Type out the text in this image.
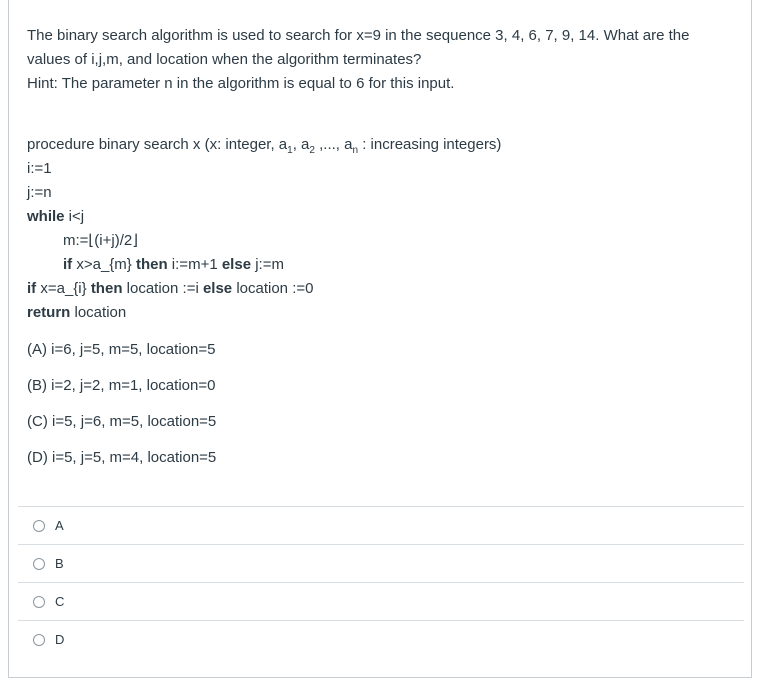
The binary search algorithm is used to search for x=9 in the sequence 3, 4, 6, 7, 9, 14. What are the

values of i,j,m, and location when the algorithm terminates?

Hint: The parameter n in the algorithm is equal to 6 for this input.

procedure binary search x (x: integer, $a_1$, $a_2$ ,..., $a_n$ : increasing integers)
i:=1
j:=n
while i<j
m:=⌊(i+j)/2⌋
if x>a_{m} then i:=m+1 else j:=m
if x=a_{i} then location :=i else location :=0
return location
(A) i=6, j=5, m=5, location=5
(B) i=2, j=2, m=1, location=0
(C) i=5, j=6, m=5, location=5
(D) i=5, j=5, m=4, location=5
A
B
C
D
